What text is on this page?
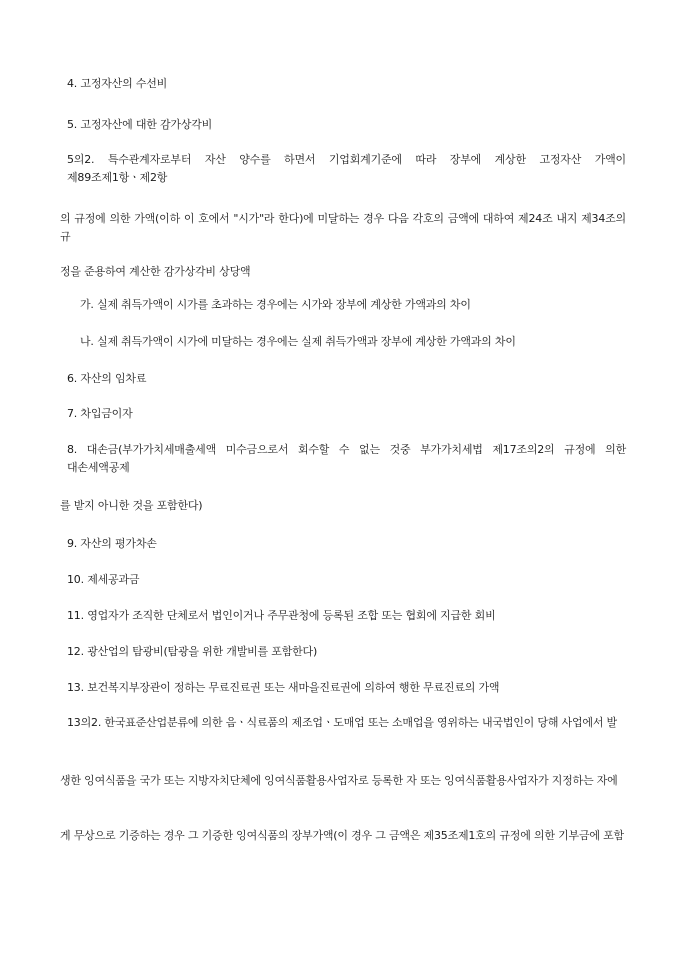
4. 고정자산의 수선비

5. 고정자산에 대한 감가상각비

5의2. 특수관계자로부터 자산 양수를 하면서 기업회계기준에 따라 장부에 계상한 고정자산 가액이 제89조제1항ㆍ제2항

의 규정에 의한 가액(이하 이 호에서 "시가"라 한다)에 미달하는 경우 다음 각호의 금액에 대하여 제24조 내지 제34조의 규

정을 준용하여 계산한 감가상각비 상당액

가. 실제 취득가액이 시가를 초과하는 경우에는 시가와 장부에 계상한 가액과의 차이

나. 실제 취득가액이 시가에 미달하는 경우에는 실제 취득가액과 장부에 계상한 가액과의 차이

6. 자산의 임차료

7. 차입금이자

8. 대손금(부가가치세매출세액 미수금으로서 회수할 수 없는 것중 부가가치세법 제17조의2의 규정에 의한 대손세액공제

를 받지 아니한 것을 포함한다)

9. 자산의 평가차손

10. 제세공과금

11. 영업자가 조직한 단체로서 법인이거나 주무관청에 등록된 조합 또는 협회에 지급한 회비

12. 광산업의 탐광비(탐광을 위한 개발비를 포함한다)

13. 보건복지부장관이 정하는 무료진료권 또는 새마을진료권에 의하여 행한 무료진료의 가액

13의2. 한국표준산업분류에 의한 음ㆍ식료품의 제조업ㆍ도매업 또는 소매업을 영위하는 내국법인이 당해 사업에서 발

생한 잉여식품을 국가 또는 지방자치단체에 잉여식품활용사업자로 등록한 자 또는 잉여식품활용사업자가 지정하는 자에

게 무상으로 기증하는 경우 그 기증한 잉여식품의 장부가액(이 경우 그 금액은 제35조제1호의 규정에 의한 기부금에 포함
